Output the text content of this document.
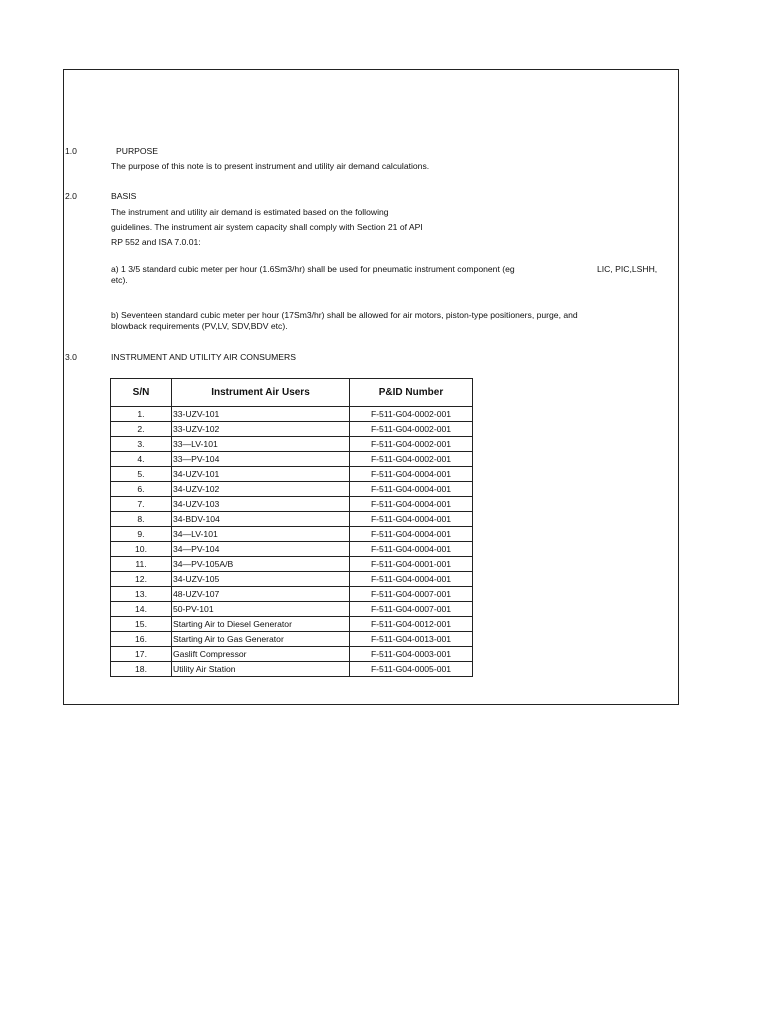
1.0	PURPOSE
The purpose of this note is to present instrument and utility air demand calculations.
2.0	BASIS
The instrument and utility air demand is estimated based on the following
guidelines. The instrument air system capacity shall comply with Section 21 of API
RP 552 and ISA 7.0.01:
a) 1 3/5 standard cubic meter per hour (1.6Sm3/hr) shall be used for pneumatic instrument component (eg	LIC, PIC,LSHH,
etc).
b) Seventeen standard cubic meter per hour (17Sm3/hr) shall be allowed for air motors, piston-type positioners, purge, and
blowback requirements (PV,LV, SDV,BDV etc).
3.0	INSTRUMENT AND UTILITY AIR CONSUMERS
S/N	Instrument Air Users	P&ID Number
1.	33-UZV-101	F-511-G04-0002-001
2.	33-UZV-102	F-511-G04-0002-001
3.	33—LV-101	F-511-G04-0002-001
4.	33—PV-104	F-511-G04-0002-001
5.	34-UZV-101	F-511-G04-0004-001
6.	34-UZV-102	F-511-G04-0004-001
7.	34-UZV-103	F-511-G04-0004-001
8.	34-BDV-104	F-511-G04-0004-001
9.	34—LV-101	F-511-G04-0004-001
10.	34—PV-104	F-511-G04-0004-001
11.	34—PV-105A/B	F-511-G04-0001-001
12.	34-UZV-105	F-511-G04-0004-001
13.	48-UZV-107	F-511-G04-0007-001
14.	50-PV-101	F-511-G04-0007-001
15.	Starting Air to Diesel Generator	F-511-G04-0012-001
16.	Starting Air to Gas Generator	F-511-G04-0013-001
17.	Gaslift Compressor	F-511-G04-0003-001
18.	Utility Air Station	F-511-G04-0005-001
